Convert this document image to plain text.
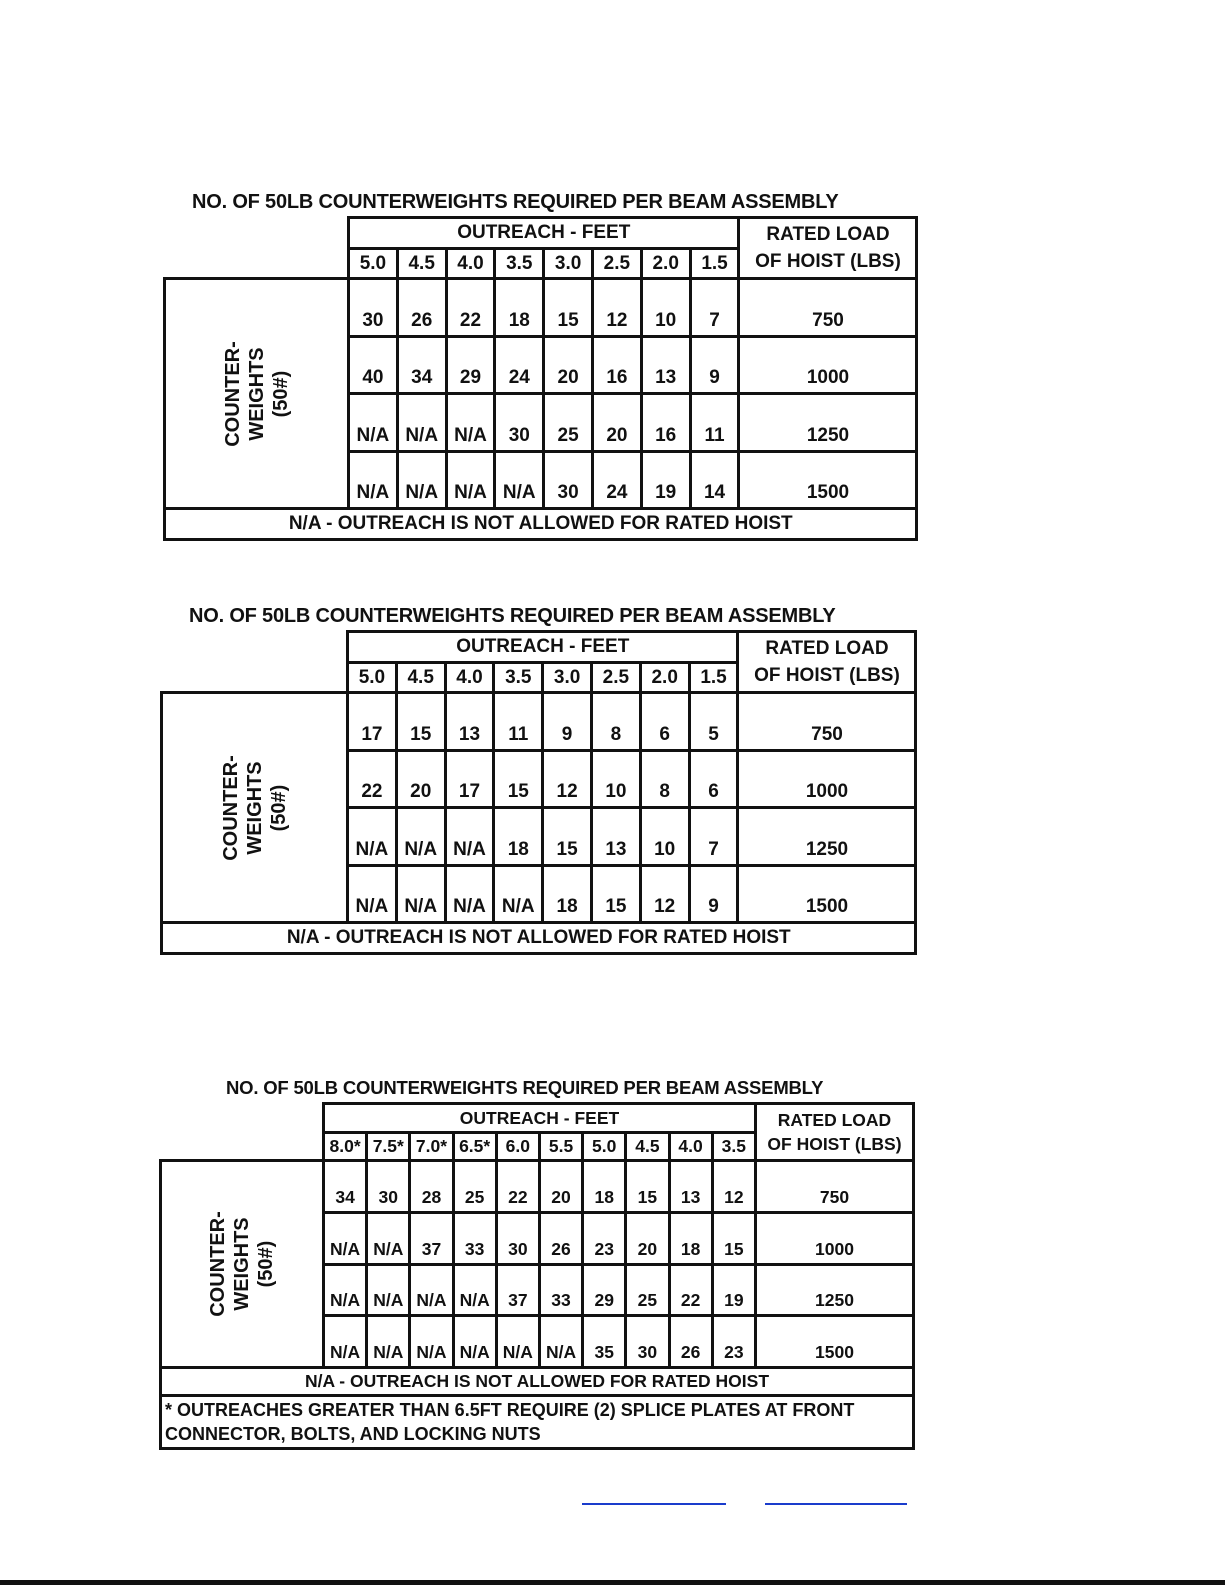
NO. OF 50LB COUNTERWEIGHTS REQUIRED PER BEAM ASSEMBLY
	OUTREACH - FEET								RATED LOAD
OF HOIST (LBS)

	5.0	4.5	4.0	3.5	3.0	2.5	2.0	1.5	

COUNTER- WEIGHTS (50#)	30	26	22	18	15	12	10	7	750
	40	34	29	24	20	16	13	9	1000
	N/A	N/A	N/A	30	25	20	16	11	1250
	N/A	N/A	N/A	N/A	30	24	19	14	1500
N/A - OUTREACH IS NOT ALLOWED FOR RATED HOIST									
NO. OF 50LB COUNTERWEIGHTS REQUIRED PER BEAM ASSEMBLY
	OUTREACH - FEET								RATED LOAD
OF HOIST (LBS)

	5.0	4.5	4.0	3.5	3.0	2.5	2.0	1.5	

COUNTER- WEIGHTS (50#)	17	15	13	11	9	8	6	5	750
	22	20	17	15	12	10	8	6	1000
	N/A	N/A	N/A	18	15	13	10	7	1250
	N/A	N/A	N/A	N/A	18	15	12	9	1500
N/A - OUTREACH IS NOT ALLOWED FOR RATED HOIST									
NO. OF 50LB COUNTERWEIGHTS REQUIRED PER BEAM ASSEMBLY
	OUTREACH - FEET										RATED LOAD
OF HOIST (LBS)

	8.0*	7.5*	7.0*	6.5*	6.0	5.5	5.0	4.5	4.0	3.5	

COUNTER- WEIGHTS (50#)	34	30	28	25	22	20	18	15	13	12	750
	N/A	N/A	37	33	30	26	23	20	18	15	1000
	N/A	N/A	N/A	N/A	37	33	29	25	22	19	1250
	N/A	N/A	N/A	N/A	N/A	N/A	35	30	26	23	1500
N/A - OUTREACH IS NOT ALLOWED FOR RATED HOIST											
* OUTREACHES GREATER THAN 6.5FT REQUIRE (2) SPLICE PLATES AT FRONT CONNECTOR, BOLTS, AND LOCKING NUTS											
